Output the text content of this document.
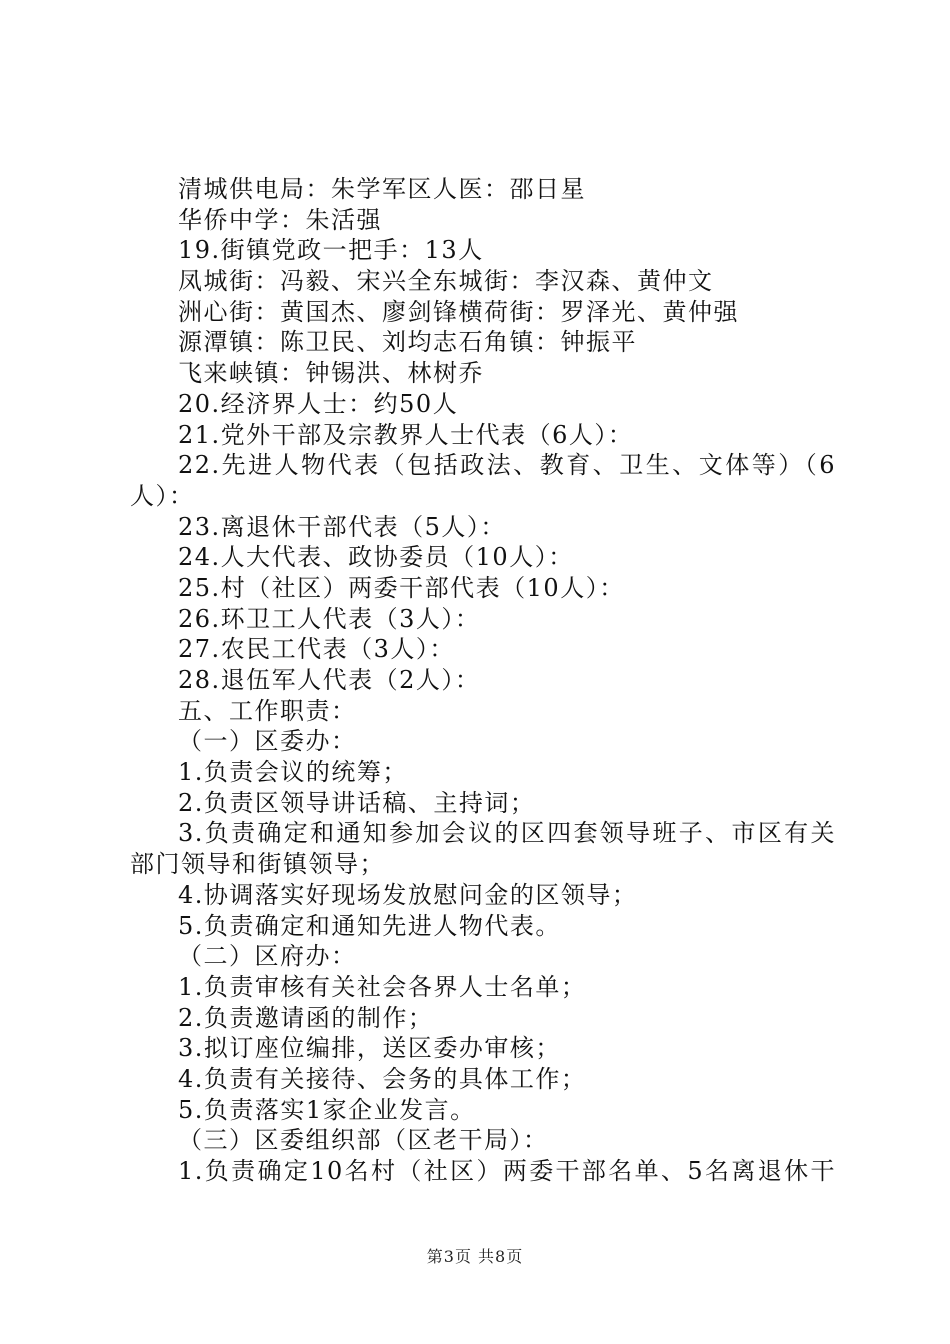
清城供电局：朱学军区人医：邵日星
华侨中学：朱活强
19.街镇党政一把手：13人
凤城街：冯毅、宋兴全东城街：李汉森、黄仲文
洲心街：黄国杰、廖剑锋横荷街：罗泽光、黄仲强
源潭镇：陈卫民、刘均志石角镇：钟振平
飞来峡镇：钟锡洪、林树乔
20.经济界人士：约50人
21.党外干部及宗教界人士代表（6人）：
22.先进人物代表（包括政法、教育、卫生、文体等）（6
人）：
23.离退休干部代表（5人）：
24.人大代表、政协委员（10人）：
25.村（社区）两委干部代表（10人）：
26.环卫工人代表（3人）：
27.农民工代表（3人）：
28.退伍军人代表（2人）：
五、工作职责：
（一）区委办：
1.负责会议的统筹；
2.负责区领导讲话稿、主持词；
3.负责确定和通知参加会议的区四套领导班子、市区有关
部门领导和街镇领导；
4.协调落实好现场发放慰问金的区领导；
5.负责确定和通知先进人物代表。
（二）区府办：
1.负责审核有关社会各界人士名单；
2.负责邀请函的制作；
3.拟订座位编排，送区委办审核；
4.负责有关接待、会务的具体工作；
5.负责落实1家企业发言。
（三）区委组织部（区老干局）：
1.负责确定10名村（社区）两委干部名单、5名离退休干
第3页 共8页
